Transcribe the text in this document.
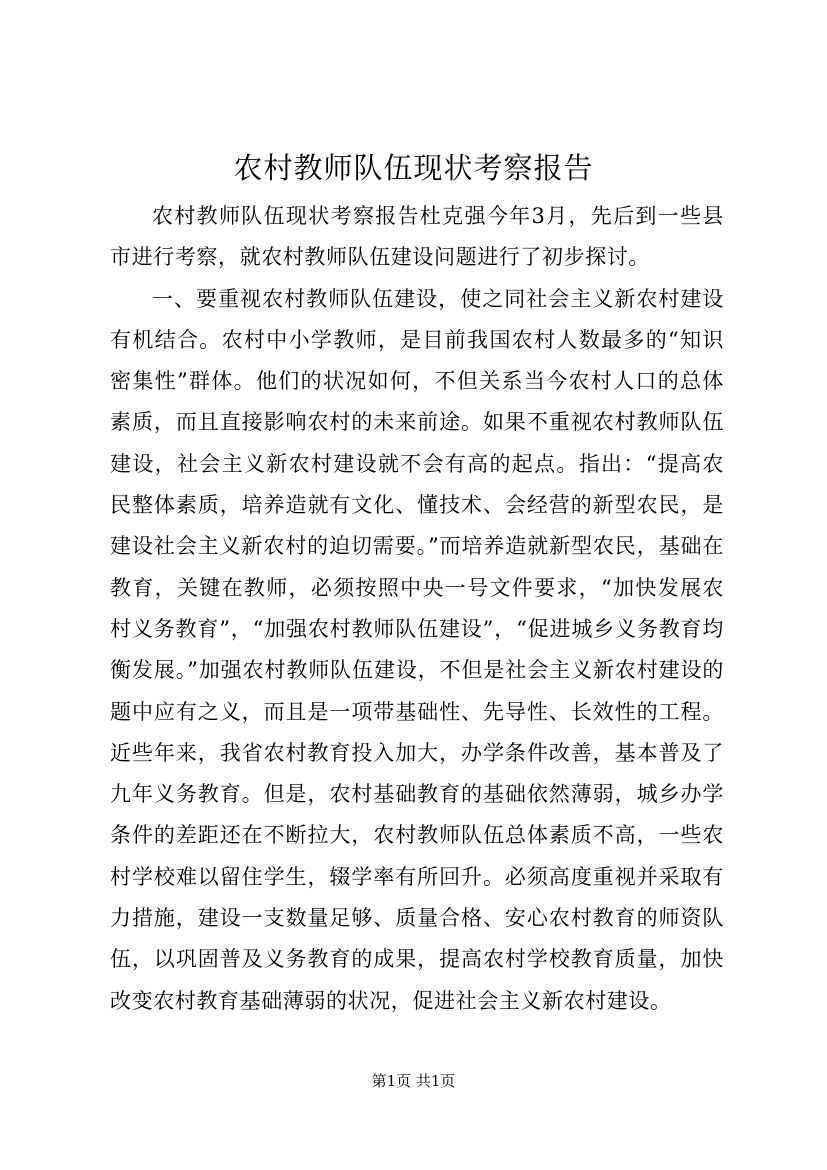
农村教师队伍现状考察报告

农村教师队伍现状考察报告杜克强今年3月，先后到一些县市进行考察，就农村教师队伍建设问题进行了初步探讨。

一、要重视农村教师队伍建设，使之同社会主义新农村建设有机结合。农村中小学教师，是目前我国农村人数最多的“知识密集性”群体。他们的状况如何，不但关系当今农村人口的总体素质，而且直接影响农村的未来前途。如果不重视农村教师队伍建设，社会主义新农村建设就不会有高的起点。指出：“提高农民整体素质，培养造就有文化、懂技术、会经营的新型农民，是建设社会主义新农村的迫切需要。”而培养造就新型农民，基础在教育，关键在教师，必须按照中央一号文件要求，“加快发展农村义务教育”，“加强农村教师队伍建设”，“促进城乡义务教育均衡发展。”加强农村教师队伍建设，不但是社会主义新农村建设的题中应有之义，而且是一项带基础性、先导性、长效性的工程。近些年来，我省农村教育投入加大，办学条件改善，基本普及了九年义务教育。但是，农村基础教育的基础依然薄弱，城乡办学条件的差距还在不断拉大，农村教师队伍总体素质不高，一些农村学校难以留住学生，辍学率有所回升。必须高度重视并采取有力措施，建设一支数量足够、质量合格、安心农村教育的师资队伍，以巩固普及义务教育的成果，提高农村学校教育质量，加快改变农村教育基础薄弱的状况，促进社会主义新农村建设。

第1页 共1页
